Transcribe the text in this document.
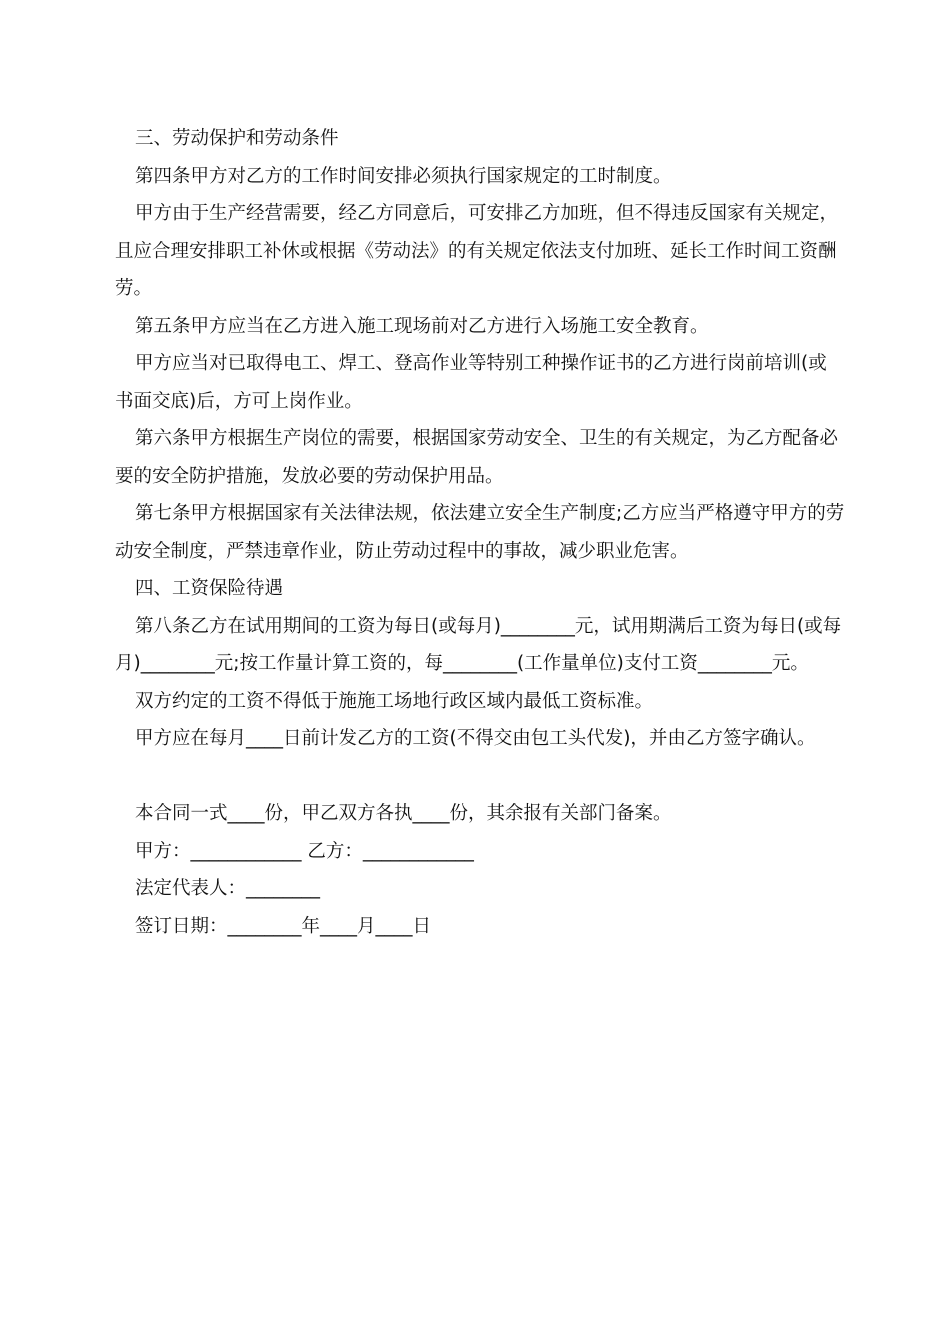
三、劳动保护和劳动条件

第四条甲方对乙方的工作时间安排必须执行国家规定的工时制度。

甲方由于生产经营需要，经乙方同意后，可安排乙方加班，但不得违反国家有关规定，且应合理安排职工补休或根据《劳动法》的有关规定依法支付加班、延长工作时间工资酬劳。

第五条甲方应当在乙方进入施工现场前对乙方进行入场施工安全教育。

甲方应当对已取得电工、焊工、登高作业等特别工种操作证书的乙方进行岗前培训(或书面交底)后，方可上岗作业。

第六条甲方根据生产岗位的需要，根据国家劳动安全、卫生的有关规定，为乙方配备必要的安全防护措施，发放必要的劳动保护用品。

第七条甲方根据国家有关法律法规，依法建立安全生产制度;乙方应当严格遵守甲方的劳动安全制度，严禁违章作业，防止劳动过程中的事故，减少职业危害。

四、工资保险待遇

第八条乙方在试用期间的工资为每日(或每月)________元，试用期满后工资为每日(或每月)________元;按工作量计算工资的，每________(工作量单位)支付工资________元。

双方约定的工资不得低于施施工场地行政区域内最低工资标准。

甲方应在每月____日前计发乙方的工资(不得交由包工头代发)，并由乙方签字确认。

本合同一式____份，甲乙双方各执____份，其余报有关部门备案。

甲方：____________ 乙方：____________

法定代表人：________

签订日期：________年____月____日
